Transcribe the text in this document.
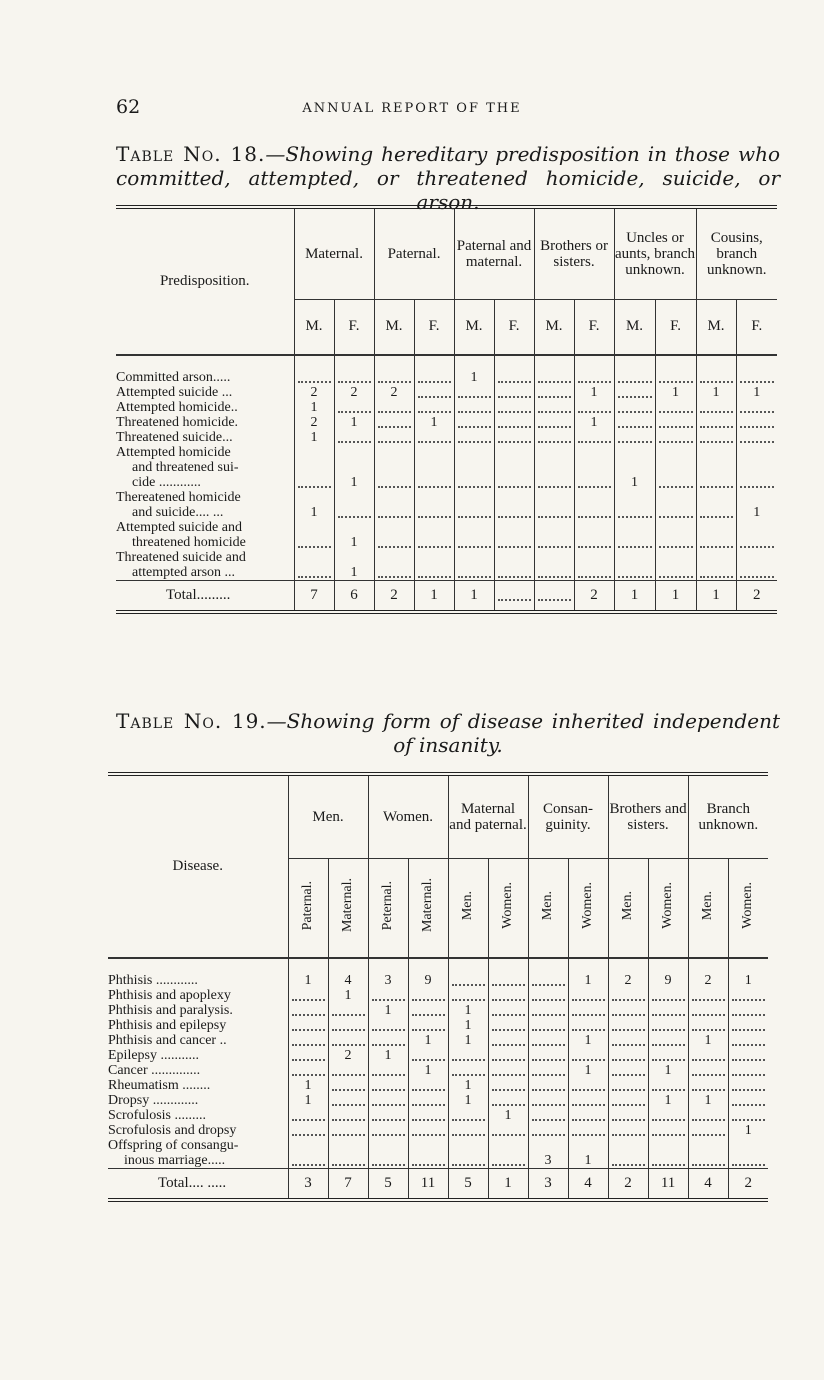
62	ANNUAL REPORT OF THE
Table No. 18.—Showing hereditary predisposition in those who committed, attempted, or threatened homicide, suicide, or arson.
Predisposition.	Maternal.		Paternal.		Paternal and maternal.		Brothers or sisters.		Uncles or aunts, branch unknown.		Cousins, branch unknown.	
	M.	F.	M.	F.	M.	F.	M.	F.	M.	F.	M.	F.

Committed arson.....					1	

Attempted suicide ...	2	2	2					1		1	1	1

Attempted homicide..	1	

Threatened homicide.	2	1		1				1	

Threatened suicide...	1	

Attempted homicide
and threatened sui-
cide ............		1							1	

Thereatened homicide
and suicide.... ...	1											1

Attempted suicide and
threatened homicide		1	

Threatened suicide and
attempted arson ...		1	

Total.........	7	6	2	1	1			2	1	1	1	2
Table No. 19.—Showing form of disease inherited independent of insanity.
Disease.	Men.		Women.		Maternal and paternal.		Consan-guinity.		Brothers and sisters.		Branch unknown.	
	Paternal.	Maternal.	Peternal.	Maternal.	Men.	Women.	Men.	Women.	Men.	Women.	Men.	Women.

Phthisis ............	1	4	3	9				1	2	9	2	1

Phthisis and apoplexy		1	

Phthisis and paralysis.			1		1	

Phthisis and epilepsy					1	

Phthisis and cancer ..				1	1			1			1	

Epilepsy ...........		2	1	

Cancer ..............				1				1		1	

Rheumatism ........	1				1	

Dropsy .............	1				1					1	1	

Scrofulosis .........						1	

Scrofulosis and dropsy												1

Offspring of consangu-
inous marriage.....							3	1	

Total.... .....	3	7	5	11	5	1	3	4	2	11	4	2
